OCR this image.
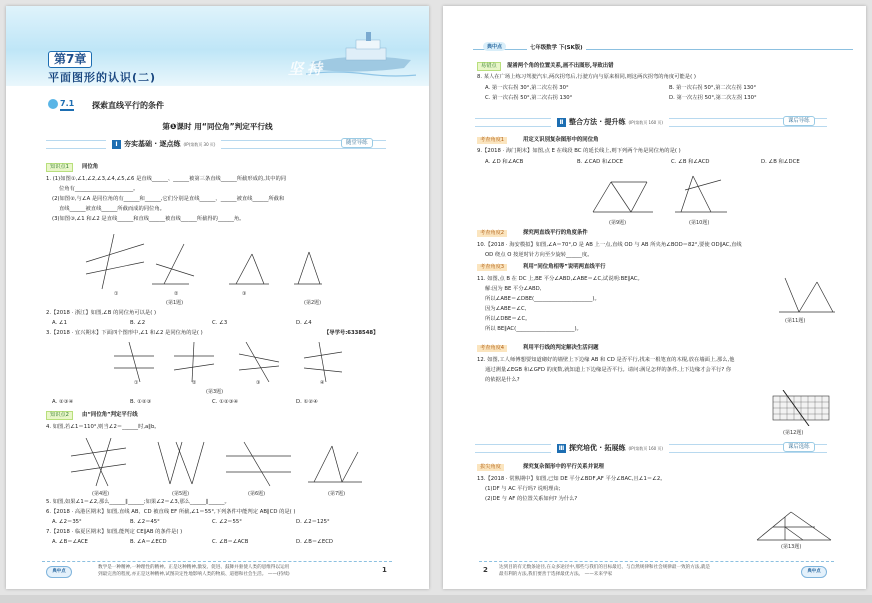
坚持
第7章
平面图形的认识(二)
7.1 探索直线平行的条件
第❶课时 用“同位角”判定平行线
Ⅰ 夯实基础 · 逐点练 (IP(第数页 30 页)	随堂导练
知识点1	同位角
1. (1)如图①,∠1,∠2,∠3,∠4,∠5,∠6 是直线______、______被第三条直线______所截形成的,其中的同
位角有______________________。
(2)如图②,与∠A 是同位角的有______和______,它们分别是直线______、______被直线______所截和
直线______被直线______所截而成的同位角。
(3)如图③,∠1 和∠2 是直线______和直线______被直线______所截得的______角。
①	②	③
(第1题)	(第2题)
2.【2018 · 浙江】如图,∠B 的同位角可以是( )
A. ∠1	B. ∠2	C. ∠3	D. ∠4
3.【2018 · 宜兴期末】下面四个图形中,∠1 和∠2 是同位角的是( )	【导学号:6338548】
①	②	③	④
(第3题)
A. ②③④	B. ①②③	C. ①②③④	D. ①②④
知识点2	由“同位角”判定平行线
4. 如图,若∠1＝110°,则当∠2＝______时,a∥b。
(第4题)	(第5题)	(第6题)	(第7题)
5. 如图,如果∠1＝∠2,那么______∥______;如果∠2＝∠3,那么______∥______。
6.【2018 · 高港区期末】如图,直线 AB、CD 被直线 EF 所截,∠1＝55°,下列条件中能判定 AB∥CD 的是( )
A. ∠2＝35°	B. ∠2＝45°	C. ∠2＝55°	D. ∠2＝125°
7.【2018 · 临夏区期末】如图,能判定 CE∥AB 的条件是( )
A. ∠B＝∠ACE	B. ∠A＝∠ECD	C. ∠B＝∠ACB	D. ∠B＝∠ECD
典中点
数学是一种精神,一种理性的精神。正是这种精神,激发、促进、鼓舞并驱使人类的思维得以运用
到最完善的程度,亦正是这种精神,试图决定性地影响人类的物质、道德和社会生活。 ——(持续)
1
典中点	七年级数学 下(SK版)
易错点	混淆两个角的位置关系,画不出图形,导致出错
8. 某人在广场上练习驾驶汽车,两次拐弯后,行驶方向与原来相同,则这两次拐弯的角度可能是( )
A. 第一次右拐 30°,第二次左拐 30°	B. 第一次右拐 50°,第二次左拐 130°
C. 第一次右拐 50°,第二次右拐 130°	D. 第一次左拐 50°,第二次左拐 130°
Ⅱ 整合方法 · 提升练 (IP(第数页 160 页)	课后导练
考查角度1	用定义识别复杂图形中的同位角
9.【2018 · 海门期末】如图,点 E 在线段 BC 的延长线上,则下列两个角是同位角的是( )
A. ∠D 和∠ACB	B. ∠CAD 和∠DCE	C. ∠B 和∠ACD	D. ∠B 和∠DCE
(第9题)	(第10题)
考查角度2	探究两直线平行的角度条件
10.【2018 · 海安模拟】如图,∠A＝70°,O 是 AB 上一点,直线 OD 与 AB 所夹角∠BOD＝82°,要使 OD∥AC,直线
OD 绕点 O 按逆时针方向至少旋转______度。
考查角度3	利用“同位角相等”说明两直线平行
11. 如图,点 B 在 DC 上,BE 平分∠ABD,∠ABE＝∠C,试说明:BE∥AC。
解:因为 BE 平分∠ABD,
所以∠ABE＝∠DBE(______________________)。
因为∠ABE＝∠C,
所以∠DBE＝∠C。
所以 BE∥AC(______________________)。
(第11题)
考查角度4	利用平行线的判定解决生活问题
12. 如图,工人师傅想要知道砌好的墙壁上下边缘 AB 和 CD 是否平行,找来一根笔直的木棍,放在墙面上,那么,他
通过测量∠EGB 和∠GFD 的度数,就知道上下边缘是否平行。请问:满足怎样的条件,上下边缘才会平行? 你
的依据是什么?
(第12题)
Ⅲ 探究培优 · 拓展练 (IP(第数页 160 页)	课后选练
拔尖角度	探究复杂图形中的平行关系并说理
13.【2018 · 常熟期中】如图,已知 DE 平分∠BDF,AF 平分∠BAC,且∠1＝∠2。
(1)DF 与 AC 平行吗? 说明理由;
(2)DE 与 AF 的位置关系如何? 为什么?
(第13题)
2 达到目的有无数条途径,在众多途径中,那些与我们的目标最近、与自然规律和社会规律最一致的方法,就是
最有利的方法,我们要善于选择最优方法。 ——未来学家
典中点
